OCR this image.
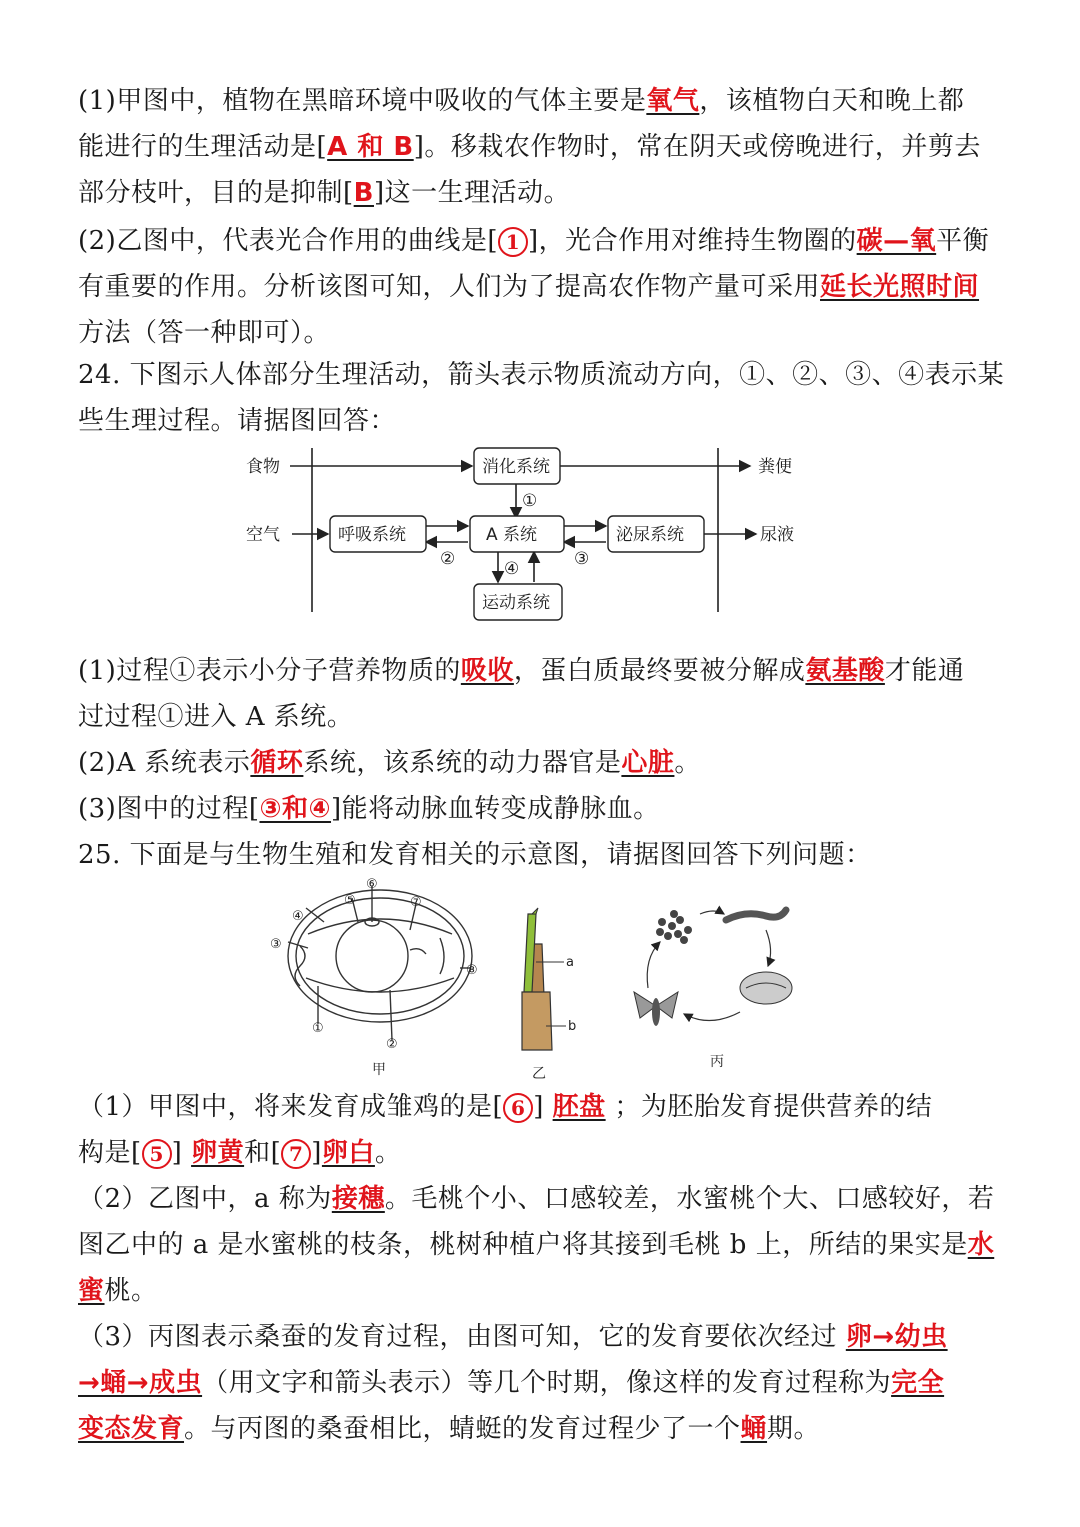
(1)甲图中，植物在黑暗环境中吸收的气体主要是氧气，该植物白天和晚上都
能进行的生理活动是[A 和 B]。移栽农作物时，常在阴天或傍晚进行，并剪去
部分枝叶，目的是抑制[B]这一生理活动。
(2)乙图中，代表光合作用的曲线是[ 1 ]，光合作用对维持生物圈的碳—氧平衡
有重要的作用。分析该图可知，人们为了提高农作物产量可采用延长光照时间
方法（答一种即可）。
24. 下图示人体部分生理活动，箭头表示物质流动方向，①、②、③、④表示某
些生理过程。请据图回答：
食物
空气
粪便
尿液
消化系统
呼吸系统	A 系统	泌尿系统
运动系统
①
②	③
④
(1)过程①表示小分子营养物质的吸收，蛋白质最终要被分解成氨基酸才能通
过过程①进入 A 系统。
(2)A 系统表示循环系统，该系统的动力器官是心脏。
(3)图中的过程[③和④]能将动脉血转变成静脉血。
25. 下面是与生物生殖和发育相关的示意图，请据图回答下列问题：
①
②
③
④
⑤
⑥
⑦
⑧
甲
a
b
乙
丙
（1）甲图中，将来发育成雏鸡的是[ 6 ] 胚盘 ；为胚胎发育提供营养的结
构是[ 5 ] 卵黄和[ 7 ]卵白。
（2）乙图中，a 称为接穗。毛桃个小、口感较差，水蜜桃个大、口感较好，若
图乙中的 a 是水蜜桃的枝条，桃树种植户将其接到毛桃 b 上，所结的果实是水
蜜桃。
（3）丙图表示桑蚕的发育过程，由图可知，它的发育要依次经过 卵→幼虫
→蛹→成虫（用文字和箭头表示）等几个时期，像这样的发育过程称为完全
变态发育。与丙图的桑蚕相比，蜻蜓的发育过程少了一个蛹期。
